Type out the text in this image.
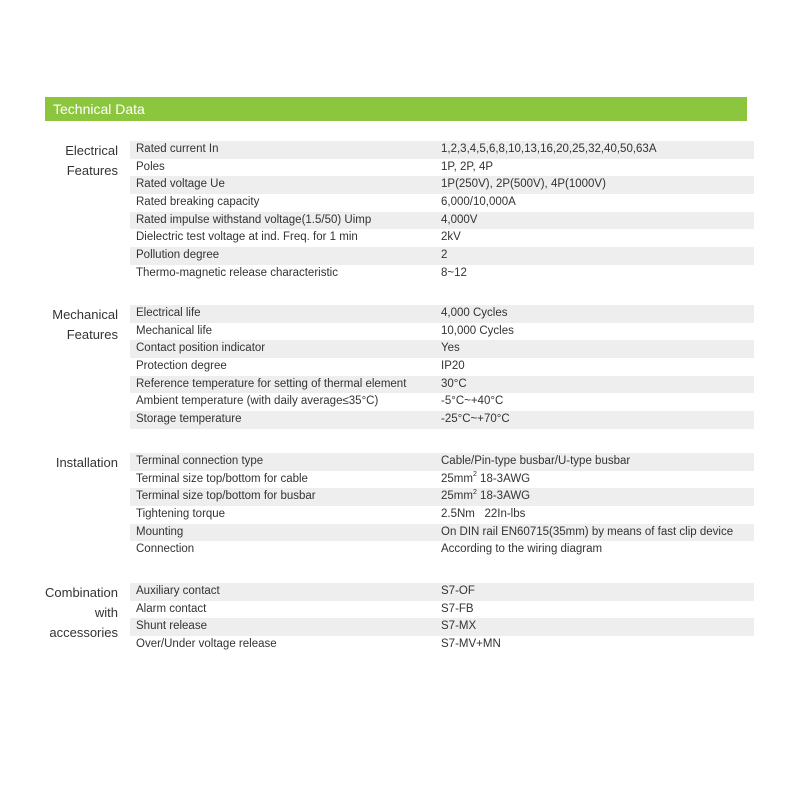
Technical Data
Electrical
Features
Rated current In	1,2,3,4,5,6,8,10,13,16,20,25,32,40,50,63A
Poles	1P, 2P, 4P
Rated voltage Ue	1P(250V), 2P(500V), 4P(1000V)
Rated breaking capacity	6,000/10,000A
Rated impulse withstand voltage(1.5/50) Uimp	4,000V
Dielectric test voltage at ind. Freq. for 1 min	2kV
Pollution degree	2
Thermo-magnetic release characteristic	8~12
Mechanical
Features
Electrical life	4,000 Cycles
Mechanical life	10,000 Cycles
Contact position indicator	Yes
Protection degree	IP20
Reference temperature for setting of thermal element	30°C
Ambient temperature (with daily average≤35°C)	-5°C~+40°C
Storage temperature	-25°C~+70°C
Installation	Terminal connection type	Cable/Pin-type busbar/U-type busbar
Terminal size top/bottom for cable	$25mm^2$ 18-3AWG
Terminal size top/bottom for busbar	$25mm^2$ 18-3AWG
Tightening torque	2.5Nm   22In-lbs
Mounting	On DIN rail EN60715(35mm) by means of fast clip device
Connection	According to the wiring diagram
Combination
with
accessories
Auxiliary contact	S7-OF
Alarm contact	S7-FB
Shunt release	S7-MX
Over/Under voltage release	S7-MV+MN
